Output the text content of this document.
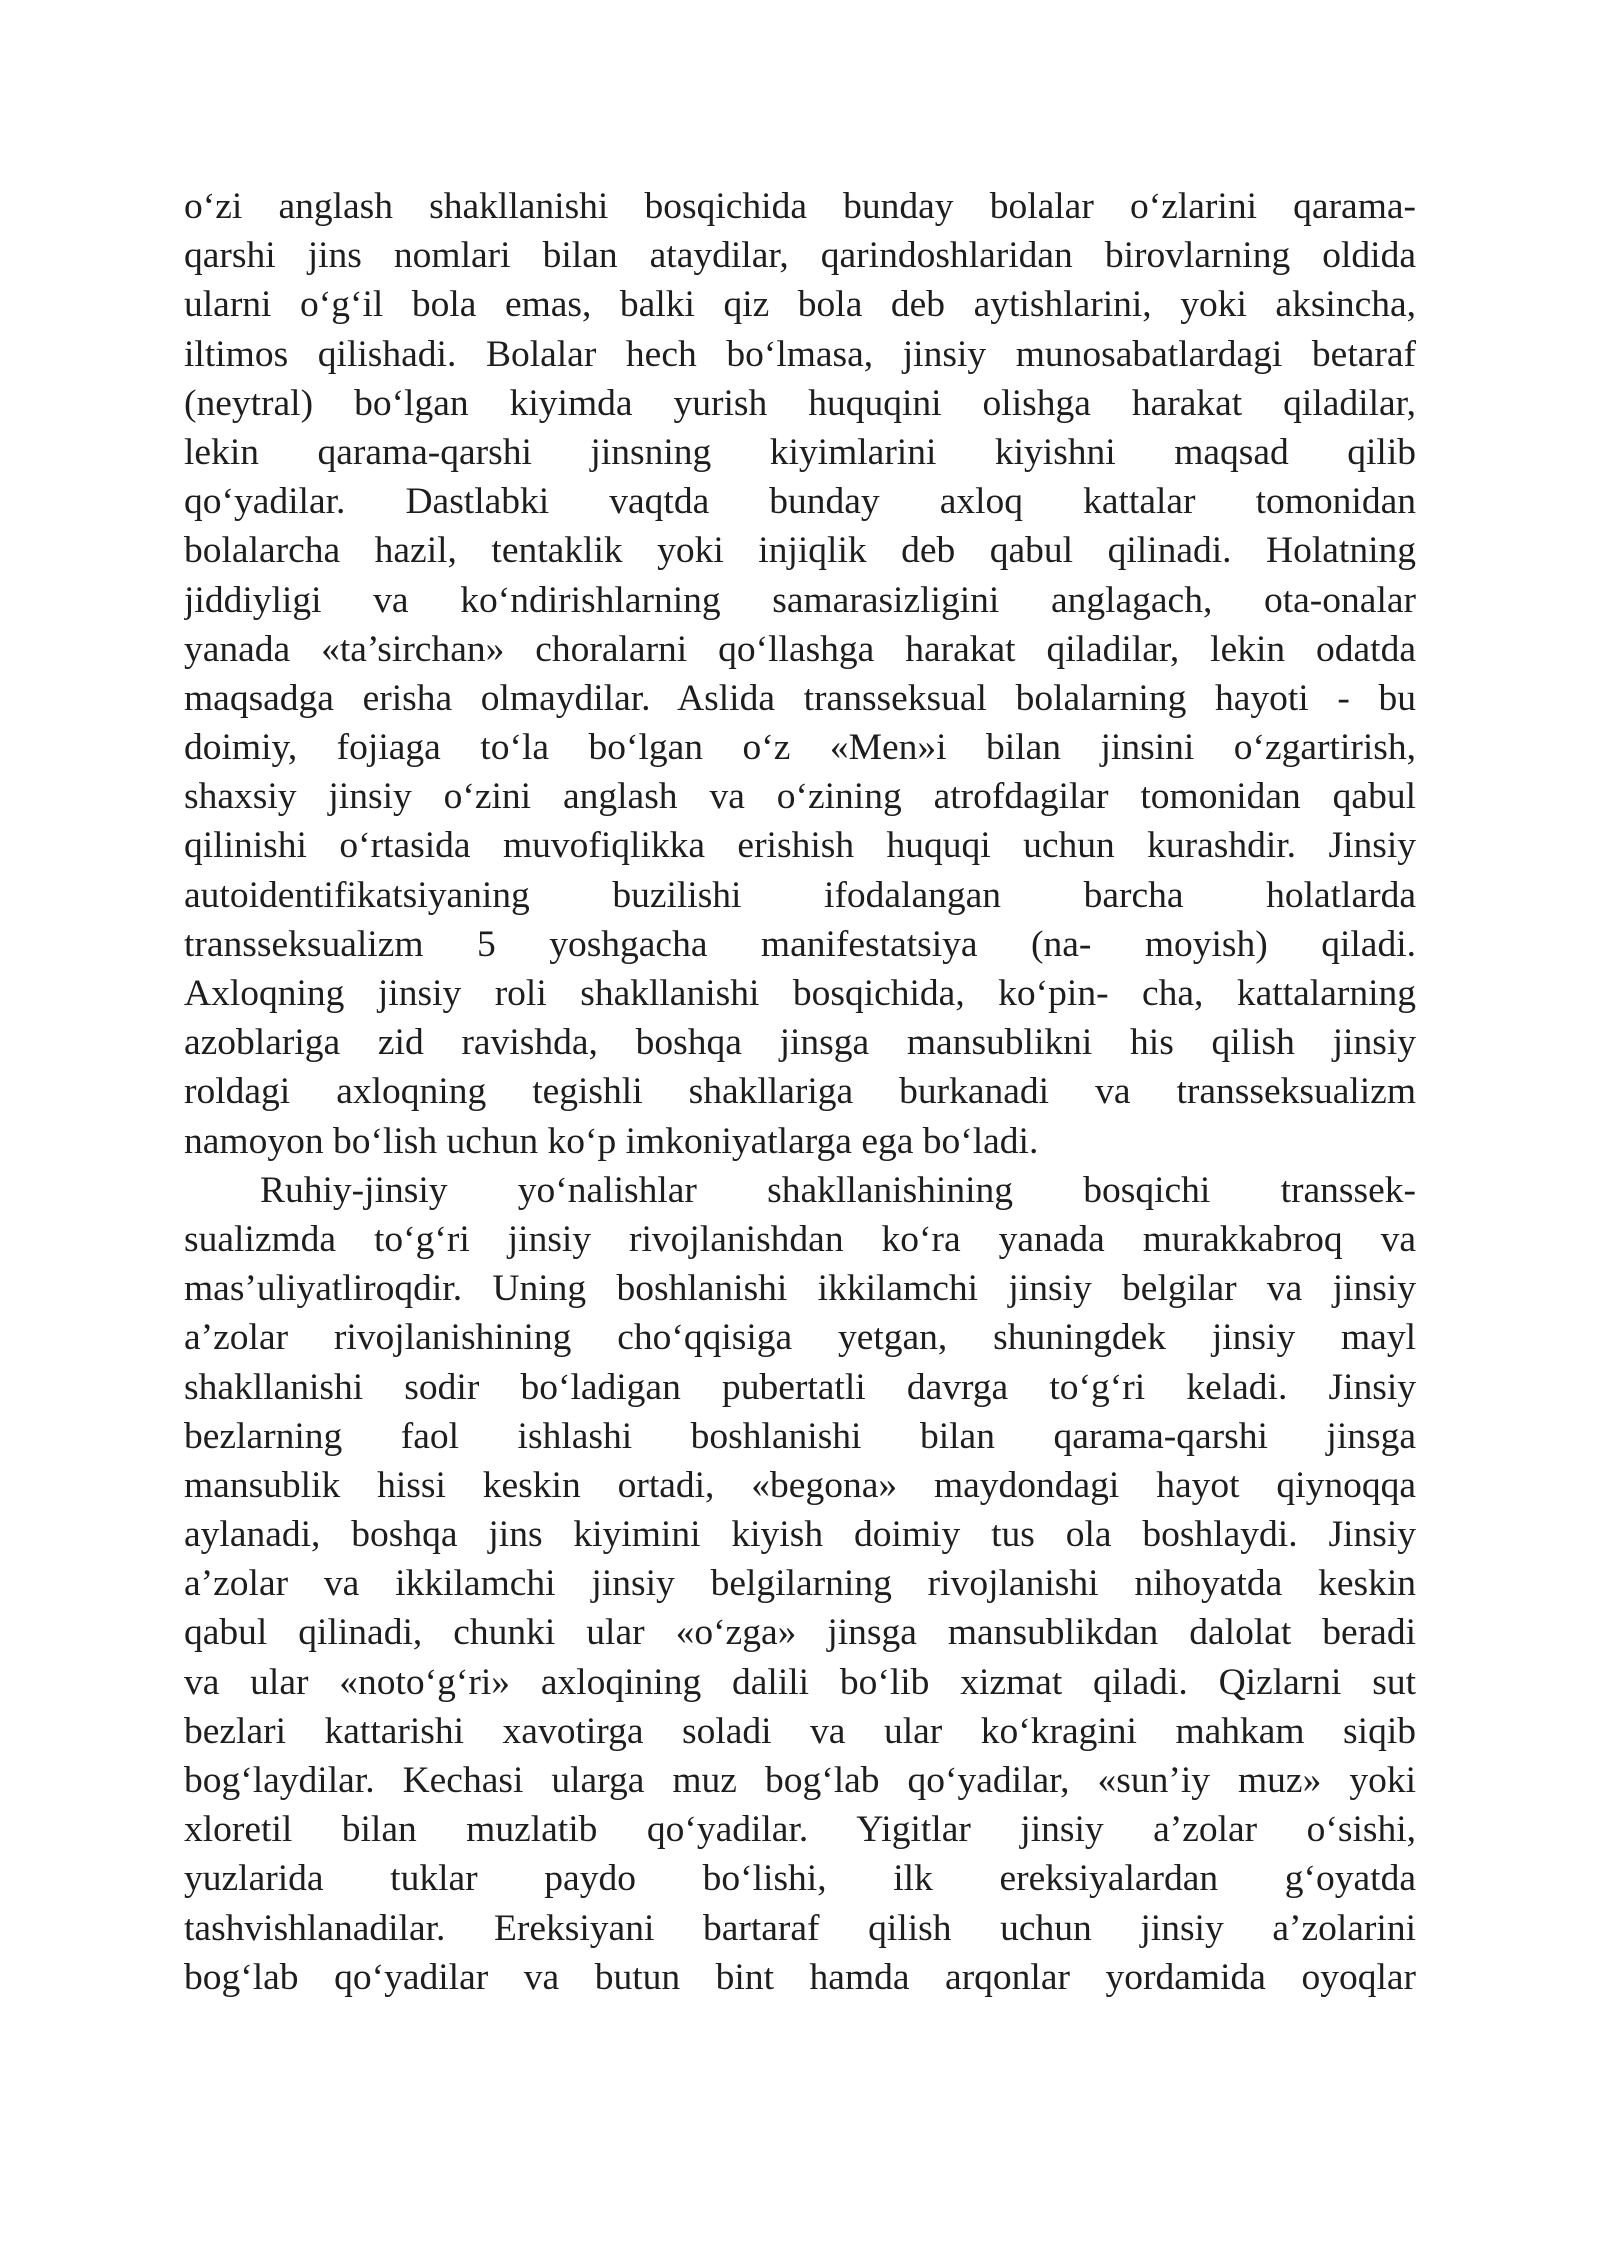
o‘zi anglash shakllanishi bosqichida bunday bolalar o‘zlarini qarama-
qarshi jins nomlari bilan ataydilar, qarindoshlaridan birovlarning oldida
ularni o‘g‘il bola emas, balki qiz bola deb aytishlarini, yoki aksincha,
iltimos qilishadi. Bolalar hech bo‘lmasa, jinsiy munosabatlardagi betaraf
(neytral) bo‘lgan kiyimda yurish huquqini olishga harakat qiladilar,
lekin qarama-qarshi jinsning kiyimlarini kiyishni maqsad qilib
qo‘yadilar. Dastlabki vaqtda bunday axloq kattalar tomonidan
bolalarcha hazil, tentaklik yoki injiqlik deb qabul qilinadi. Holatning
jiddiyligi va ko‘ndirishlarning samarasizligini anglagach, ota-onalar
yanada «ta’sirchan» choralarni qo‘llashga harakat qiladilar, lekin odatda
maqsadga erisha olmaydilar. Aslida transseksual bolalarning hayoti - bu
doimiy, fojiaga to‘la bo‘lgan o‘z «Men»i bilan jinsini o‘zgartirish,
shaxsiy jinsiy o‘zini anglash va o‘zining atrofdagilar tomonidan qabul
qilinishi o‘rtasida muvofiqlikka erishish huquqi uchun kurashdir. Jinsiy
autoidentifikatsiyaning buzilishi ifodalangan barcha holatlarda
transseksualizm 5 yoshgacha manifestatsiya (na- moyish) qiladi.
Axloqning jinsiy roli shakllanishi bosqichida, ko‘pin- cha, kattalarning
azoblariga zid ravishda, boshqa jinsga mansublikni his qilish jinsiy
roldagi axloqning tegishli shakllariga burkanadi va transseksualizm
namoyon bo‘lish uchun ko‘p imkoniyatlarga ega bo‘ladi.
Ruhiy-jinsiy yo‘nalishlar shakllanishining bosqichi transsek-
sualizmda to‘g‘ri jinsiy rivojlanishdan ko‘ra yanada murakkabroq va
mas’uliyatliroqdir. Uning boshlanishi ikkilamchi jinsiy belgilar va jinsiy
a’zolar rivojlanishining cho‘qqisiga yetgan, shuningdek jinsiy mayl
shakllanishi sodir bo‘ladigan pubertatli davrga to‘g‘ri keladi. Jinsiy
bezlarning faol ishlashi boshlanishi bilan qarama-qarshi jinsga
mansublik hissi keskin ortadi, «begona» maydondagi hayot qiynoqqa
aylanadi, boshqa jins kiyimini kiyish doimiy tus ola boshlaydi. Jinsiy
a’zolar va ikkilamchi jinsiy belgilarning rivojlanishi nihoyatda keskin
qabul qilinadi, chunki ular «o‘zga» jinsga mansublikdan dalolat beradi
va ular «noto‘g‘ri» axloqining dalili bo‘lib xizmat qiladi. Qizlarni sut
bezlari kattarishi xavotirga soladi va ular ko‘kragini mahkam siqib
bog‘laydilar. Kechasi ularga muz bog‘lab qo‘yadilar, «sun’iy muz» yoki
xloretil bilan muzlatib qo‘yadilar. Yigitlar jinsiy a’zolar o‘sishi,
yuzlarida tuklar paydo bo‘lishi, ilk ereksiyalardan g‘oyatda
tashvishlanadilar. Ereksiyani bartaraf qilish uchun jinsiy a’zolarini
bog‘lab qo‘yadilar va butun bint hamda arqonlar yordamida oyoqlar
